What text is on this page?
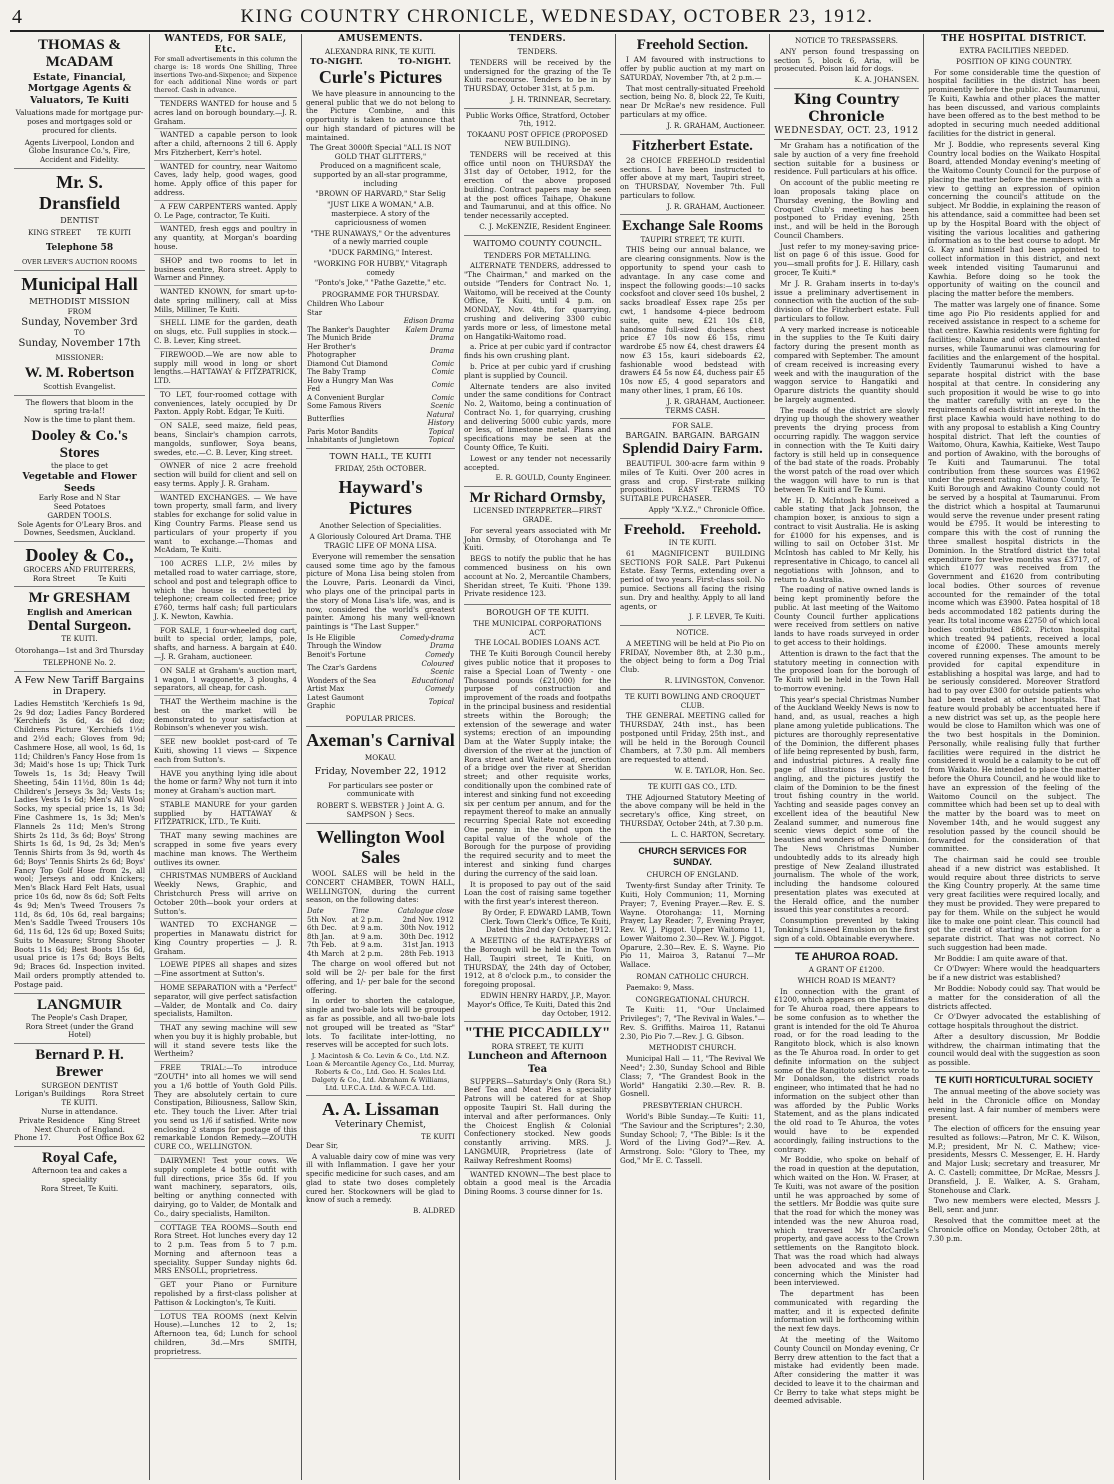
4	KING COUNTRY CHRONICLE, WEDNESDAY, OCTOBER 23, 1912.
THOMAS & McADAM
Estate, Financial,
Mortgage Agents &
Valuators, Te Kuiti
Valuations made for mortgage pur-poses and mortgages sold or procured for clients.
Agents Liverpool, London and Globe Insurance Co.'s, Fire, Accident and Fidelity.
Mr. S. Dransfield
DENTIST
KING STREET       TE KUITI
Telephone 58
OVER LEVER'S AUCTION ROOMS
Municipal Hall
METHODIST MISSION
FROM
Sunday, November 3rd
TO
Sunday, November 17th
MISSIONER:
W. M. Robertson
Scottish Evangelist.
The flowers that bloom in the spring tra-la!!
Now is the time to plant them.
Dooley & Co.'s Stores
the place to get
Vegetable and Flower Seeds
Early Rose and N Star
Seed Potatoes
GARDEN TOOLS.
Sole Agents for O'Leary Bros. and Downes, Seedsmen, Auckland.
Dooley & Co.,
GROCERS AND FRUITERERS,
Rora Street          Te Kuiti
Mr GRESHAM
English and American
Dental Surgeon.
TE KUITI.
Otorohanga—1st and 3rd Thursday
TELEPHONE No. 2.
A Few New Tariff Bargains in Drapery.
Ladies Hemstitch 'Kerchiefs 1s 9d, 2s 9d doz; Ladies Fancy Bordered 'Kerchiefs 3s 6d, 4s 6d doz; Childrens Picture 'Kerchiefs 1½d and 2½d each; Gloves from 9d; Cashmere Hose, all wool, 1s 6d, 1s 11d; Children's Fancy Hose from 1s 3d; Maid's hose 1s up; Thick Turk Towels 1s, 1s 3d; Heavy Twill Sheeting, 54in 11½d, 80in 1s 4d; Children's Jerseys 3s 3d; Vests 1s; Ladies Vests 1s 6d; Men's All Wool Socks, my special price 1s, 1s 3d; Fine Cashmere 1s, 1s 3d; Men's Flannels 2s 11d; Men's Strong Shirts 2s 11d, 3s 6d; Boys' Strong Shirts 1s 6d, 1s 9d, 2s 3d; Men's Tennis Shirts from 3s 9d, worth 4s 6d; Boys' Tennis Shirts 2s 6d; Boys' Fancy Top Golf Hose from 2s, all wool; Jerseys and odd Knickers; Men's Black Hard Felt Hats, usual price 10s 6d, now 8s 6d; Soft Felts 4s 9d; Men's Tweed Trousers 7s 11d, 8s 6d, 10s 6d, real bargains; Men's Saddle Tweed Trousers 10s 6d, 11s 6d, 12s 6d up; Boxed Suits; Suits to Measure; Strong Shooter Boots 11s 6d; Best Boots 15s 6d, usual price is 17s 6d; Boys Belts 9d; Braces 6d. Inspection invited. Mail orders promptly attended to. Postage paid.
LANGMUIR
The People's Cash Draper,
Rora Street (under the Grand Hotel)
Bernard P. H. Brewer
SURGEON DENTIST
Lorigan's Buildings       Rora Street
TE KUITI.
Nurse in attendance.
Private Residence      King Street
Next Church of England.
Phone 17.            Post Office Box 62
Royal Cafe,
Afternoon tea and cakes a speciality
Rora Street, Te Kuiti.
WANTEDS, FOR SALE, Etc.
For small advertisements in this column the charge is: 18 words One Shilling, Three insertions Two-and-Sixpence; and Sixpence for each additional Nine words or part thereof. Cash in advance.
TENDERS WANTED for house and 5 acres land on borough boundary.—J. R. Graham.
WANTED a capable person to look after a child, afternoons 2 till 6. Apply Mrs Fitzherbert, Kerr's hotel.
WANTED for country, near Waitomo Caves, lady help, good wages, good home. Apply office of this paper for address.
A FEW CARPENTERS wanted. Apply O. Le Page, contractor, Te Kuiti.
WANTED, fresh eggs and poultry in any quantity, at Morgan's boarding house.
SHOP and two rooms to let in business centre, Rora street. Apply to Warner and Pinney.
WANTED KNOWN, for smart up-to-date spring millinery, call at Miss Mills, Milliner, Te Kuiti.
SHELL LIME for the garden, death on slugs, etc. Full supplies in stock.—C. B. Lever, King street.
FIREWOOD.—We are now able to supply mill wood in long or short lengths.—HATTAWAY & FITZPATRICK, LTD.
TO LET, four-roomed cottage with conveniences, lately occupied by Dr Paxton. Apply Robt. Edgar, Te Kuiti.
ON SALE, seed maize, field peas, beans, Sinclair's champion carrots, mangolds, sunflower, Soya beans, swedes, etc.—C. B. Lever, King street.
OWNER of nice 2 acre freehold section will build for client and sell on easy terms. Apply J. R. Graham.
WANTED EXCHANGES. — We have town property, small farm, and livery stables for exchange for solid value in King Country Farms. Please send us particulars of your property if you want to exchange.—Thomas and McAdam, Te Kuiti.
100 ACRES L.I.P., 2½ miles by metalled road to water carriage, store, school and post and telegraph office to which the house is connected by telephone; cream collected free; price £760, terms half cash; full particulars J. K. Newton, Kawhia.
FOR SALE, 1 four-wheeled dog cart, built to special order, lamps, pole, shafts, and harness. A bargain at £40.—J. R. Graham, auctioneer.
ON SALE at Graham's auction mart, 1 wagon, 1 waggonette, 3 ploughs, 4 separators, all cheap, for cash.
THAT the Wertheim machine is the best on the market will be demonstrated to your satisfaction at Robinson's whenever you wish.
SEE new booklet post-card of Te Kuiti, showing 11 views — Sixpence each from Sutton's.
HAVE you anything lying idle about the home or farm? Why not turn it into money at Graham's auction mart.
STABLE MANURE for your garden supplied by HATTAWAY & FITZPATRICK, LTD., Te Kuiti.
THAT many sewing machines are scrapped in some five years every machine man knows. The Wertheim outlives its owner.
CHRISTMAS NUMBERS of Auckland Weekly News, Graphic, and Christchurch Press will arrive on October 20th—book your orders at Sutton's.
WANTED TO EXCHANGE — properties in Manawatu district for King Country properties — J. R. Graham.
LOEWE PIPES all shapes and sizes —Fine assortment at Sutton's.
HOME SEPARATION with a "Perfect" separator, will give perfect satisfaction—Valder, de Montalk and Co. dairy specialists, Hamilton.
THAT any sewing machine will sew when you buy it is highly probable, but will it stand severe tests like the Wertheim?
FREE TRIAL:—To introduce "ZOUTH" into all homes we will send you a 1/6 bottle of Youth Gold Pills. They are absolutely certain to cure Constipation, Biliousness, Sallow Skin, etc. They touch the Liver. After trial you send us 1/6 if satisfied. Write now enclosing 2 stamps for postage of this remarkable London Remedy.—ZOUTH CURE CO., WELLINGTON.
DAIRYMEN! Test your cows. We supply complete 4 bottle outfit with full directions, price 35s 6d. If you want machinery, separators, oils, belting or anything connected with dairying, go to Valder, de Montalk and Co., dairy specialists, Hamilton.
COTTAGE TEA ROOMS—South end Rora Street. Hot lunches every day 12 to 2 p.m. Teas from 5 to 7 p.m. Morning and afternoon teas a speciality. Supper Sunday nights 6d. MRS ENSOLL, proprietress.
GET your Piano or Furniture repolished by a first-class polisher at Pattison & Lockington's, Te Kuiti.
LOTUS TEA ROOMS (next Kelvin House).—Lunches 12 to 2, 1s; Afternoon tea, 6d; Lunch for school children, 3d.—Mrs SMITH, proprietress.
AMUSEMENTS.
ALEXANDRA RINK, TE KUITI.
TO-NIGHT.            TO-NIGHT.
Curle's Pictures
We have pleasure in announcing to the general public that we do not belong to the Picture Combine, and this opportunity is taken to announce that our high standard of pictures will be maintained.
The Great 3000ft Special "ALL IS NOT GOLD THAT GLITTERS,"
Produced on a magnificent scale, supported by an all-star programme, including
"BROWN OF HARVARD," Star Selig
"JUST LIKE A WOMAN," A.B. masterpiece. A story of the capriciousness of women
"THE RUNAWAYS," Or the adventures of a newly married couple
"DUCK FARMING," Interest.
"WORKING FOR HUBBY," Vitagraph comedy
"Ponto's Joke," "Pathe Gazette," etc.
PROGRAMME FOR THURSDAY.
Children Who Labour Star	
	Edison Drama
The Banker's Daughter	Kalem Drama
The Munich Bride	Drama
Her Brother's Photographer	Drama
Diamond Cut Diamond	Comic
The Baby Tramp	Comic
How a Hungry Man Was Fed	Comic
A Convenient Burglar	Comic
Some Famous Rivers	Scenic
Butterflies	Natural History
Paris Motor Bandits	Topical
Inhabitants of Jungletown	Topical
TOWN HALL, TE KUITI
FRIDAY, 25th OCTOBER.
Hayward's Pictures
Another Selection of Specialities.
A Gloriously Coloured Art Drama. THE TRAGIC LIFE OF MONA LISA.
Everyone will remember the sensation caused some time ago by the famous picture of Mona Lisa being stolen from the Louvre, Paris. Leonardi da Vinci, who plays one of the principal parts in the story of Mona Lisa's life, was, and is now, considered the world's greatest painter. Among his many well-known paintings is "The Last Supper."
Is He Eligible	Comedy-drama
Through the Window	Drama
Benoit's Fortune	Comedy
The Czar's Gardens	Coloured Scenic
Wonders of the Sea	Educational
Artist Max	Comedy
Latest Gaumont Graphic	Topical
POPULAR PRICES.
Axeman's Carnival
MOKAU.
Friday, November 22, 1912
For particulars see poster or communicate with
ROBERT S. WEBSTER } Joint A. G. SAMPSON } Secs.
Wellington Wool Sales
WOOL SALES will be held in the CONCERT CHAMBER, TOWN HALL, WELLINGTON, during the current season, on the following dates:
Date	Time	Catalogue close
5th Nov.	at 2 p.m.	2nd Nov. 1912
6th Dec.	at 9 a.m.	30th Nov. 1912
8th Jan.	at 9 a.m.	30th Dec. 1912
7th Feb.	at 9 a.m.	31st Jan. 1913
4th March	at 2 p.m.	28th Feb. 1913
The charge on wool offered but not sold will be 2/- per bale for the first offering, and 1/- per bale for the second offering.
In order to shorten the catalogue, single and two-bale lots will be grouped as far as possible, and all two-bale lots not grouped will be treated as "Star" lots. To facilitate inter-lotting, no reserves will be accepted for such lots.
J. Macintosh & Co. Levin & Co., Ltd. N.Z. Loan & Mercantile Agency Co., Ltd. Murray, Roberts & Co., Ltd. Geo. H. Scales Ltd. Dalgety & Co., Ltd. Abraham & Williams, Ltd. U.F.C.A. Ltd. & W.F.C.A. Ltd.
A. A. Lissaman
Veterinary Chemist,
TE KUITI
Dear Sir,
A valuable dairy cow of mine was very ill with Inflammation. I gave her your specific medicine for such cases, and am glad to state two doses completely cured her. Stockowners will be glad to know of such a remedy.
B. ALDRED
TENDERS.
TENDERS.
TENDERS will be received by the undersigned for the grazing of the Te Kuiti racecourse. Tenders to be in by THURSDAY, October 31st, at 5 p.m.
J. H. TRINNEAR, Secretary.
Public Works Office, Stratford, October 7th, 1912.
TOKAANU POST OFFICE (PROPOSED NEW BUILDING).
TENDERS will be received at this office until noon on THURSDAY the 31st day of October, 1912, for the erection of the above proposed building. Contract papers may be seen at the post offices Taihape, Ohakune and Taumarunui, and at this office. No tender necessarily accepted.
C. J. McKENZIE, Resident Engineer.
WAITOMO COUNTY COUNCIL.
TENDERS FOR METALLING.
ALTERNATE TENDERS, addressed to "The Chairman," and marked on the outside "Tenders for Contract No. 1, Waitomo, will be received at the County Office, Te Kuiti, until 4 p.m. on MONDAY, Nov. 4th, for quarrying, crushing and delivering 3300 cubic yards more or less, of limestone metal on Hangatiki-Waitomo road.
a. Price at per cubic yard if contractor finds his own crushing plant.
b. Price at per cubic yard if crushing plant is supplied by Council.
Alternate tenders are also invited under the same conditions for Contract No. 2, Waitomo, being a continuation of Contract No. 1, for quarrying, crushing and delivering 5000 cubic yards, more or less, of limestone metal. Plans and specifications may be seen at the County Office, Te Kuiti.
Lowest or any tender not necessarily accepted.
E. R. GOULD, County Engineer.
Mr Richard Ormsby,
LICENSED INTERPRETER—FIRST GRADE.
For several years associated with Mr John Ormsby, of Otorohanga and Te Kuiti.
BEGS to notify the public that he has commenced business on his own account at No. 2, Mercantile Chambers, Sheridan street, Te Kuiti. 'Phone 139. Private residence 123.
BOROUGH OF TE KUITI.
THE MUNICIPAL CORPORATIONS ACT.
THE LOCAL BODIES LOANS ACT.
THE Te Kuiti Borough Council hereby gives public notice that it proposes to raise a Special Loan of Twenty - one Thousand pounds (£21,000) for the purpose of construction and improvement of the roads and footpaths in the principal business and residential streets within the Borough; the extension of the sewerage and water systems; erection of an impounding Dam at the Water Supply intake; the diversion of the river at the junction of Rora street and Waitete road, erection of a bridge over the river at Sheridan street; and other requisite works, conditionally upon the combined rate of interest and sinking fund not exceeding six per centum per annum, and for the repayment thereof to make an annually recurring Special Rate not exceeding One penny in the Pound upon the capital value of the whole of the Borough for the purpose of providing the required security and to meet the interest and sinking fund charges during the currency of the said loan.
It is proposed to pay out of the said Loan the cost of raising same together with the first year's interest thereon.
By Order, F. EDWARD LAMB, Town Clerk. Town Clerk's Office, Te Kuiti, Dated this 2nd day October, 1912.
A MEETING of the RATEPAYERS of the Borough will be held in the Town Hall, Taupiri street, Te Kuiti, on THURSDAY, the 24th day of October, 1912, at 8 o'clock p.m., to consider the foregoing proposal.
EDWIN HENRY HARDY, J.P., Mayor. Mayor's Office, Te Kuiti, Dated this 2nd day October, 1912.
"THE PICCADILLY"
RORA STREET, TE KUITI
Luncheon and Afternoon Tea
SUPPERS—Saturday's Only (Rora St.) Beef Tea and Meat Pies a speciality Patrons will be catered for at Shop opposite Taupiri St. Hall during the interval and after performances. Only the Choicest English & Colonial Confectionery stocked. New goods constantly arriving. MRS. J. LANGMUIR, Proprietress (late of Railway Refreshment Rooms)
WANTED KNOWN—The best place to obtain a good meal is the Arcadia Dining Rooms. 3 course dinner for 1s.
Freehold Section.
I AM favoured with instructions to offer by public auction at my mart on SATURDAY, November 7th, at 2 p.m.—
That most centrally-situated Freehold section, being No. 8, block 22, Te Kuiti, near Dr McRae's new residence. Full particulars at my office.
J. R. GRAHAM, Auctioneer.
Fitzherbert Estate.
28 CHOICE FREEHOLD residential sections. I have been instructed to offer above at my mart, Taupiri street, on THURSDAY, November 7th. Full particulars to follow.
J. R. GRAHAM, Auctioneer.
Exchange Sale Rooms
TAUPIRI STREET, TE KUITI.
THIS being our annual balance, we are clearing consignments. Now is the opportunity to spend your cash to advantage. In any case come and inspect the following goods:—10 sacks cocksfoot and clover seed 10s bushel, 2 sacks broadleaf Essex rape 25s per cwt, 1 handsome 4-piece bedroom suite, quite new, £21 10s £18, handsome full-sized duchess chest price £7 10s now £6 15s, rimu wardrobe £5 now £4, chest drawers £4 now £3 15s, kauri sideboards £2, fashionable wood bedstead with drawers £4 5s now £4, duchess pair £5 10s now £5, 4 good separators and many other lines, 1 pram, £6 10s.
J. R. GRAHAM, Auctioneer.
TERMS CASH.
FOR SALE.
BARGAIN.  BARGAIN.  BARGAIN
Splendid Dairy Farm.
BEAUTIFUL 300-acre farm within 9 miles of Te Kuiti. Over 200 acres in grass and crop. First-rate milking proposition. EASY TERMS TO SUITABLE PURCHASER.
Apply "X.Y.Z.," Chronicle Office.
Freehold.    Freehold.
IN TE KUITI.
61 MAGNIFICENT BUILDING SECTIONS FOR SALE. Part Pukenui Estate. Easy Terms, extending over a period of two years. First-class soil. No pumice. Sections all facing the rising sun. Dry and healthy. Apply to all land agents, or
J. F. LEVER, Te Kuiti.
NOTICE.
A MEETING will be held at Pio Pio on FRIDAY, November 8th, at 2.30 p.m., the object being to form a Dog Trial Club.
R. LIVINGSTON, Convenor.
TE KUITI BOWLING AND CROQUET CLUB.
THE GENERAL MEETING called for THURSDAY, 24th inst., has been postponed until Friday, 25th inst., and will be held in the Borough Council Chambers, at 7.30 p.m. All members are requested to attend.
W. E. TAYLOR, Hon. Sec.
TE KUITI GAS CO., LTD.
THE Adjourned Statutory Meeting of the above company will be held in the secretary's office, King street, on THURSDAY, October 24th, at 7.30 p.m.
L. C. HARTON, Secretary.
CHURCH SERVICES FOR SUNDAY.
CHURCH OF ENGLAND.
Twenty-first Sunday after Trinity. Te Kuiti, Holy Communion; 11, Morning Prayer; 7, Evening Prayer.—Rev. E. S. Wayne. Otorohanga: 11, Morning Prayer, Lay Reader; 7, Evening Prayer, Rev. W. J. Piggot. Upper Waitomo 11, Lower Waitomo 2.30—Rev. W. J. Piggot. Oparure, 2.30—Rev. E. S. Wayne. Pio Pio 11, Mairoa 3, Ratanui 7—Mr Wallace.
ROMAN CATHOLIC CHURCH.
Paemako: 9, Mass.
CONGREGATIONAL CHURCH.
Te Kuiti: 11, "Our Unclaimed Privileges"; 7, "The Revival in Wales."—Rev. S. Griffiths. Mairoa 11, Ratanui 2.30, Pio Pio 7.—Rev. J. G. Gibson.
METHODIST CHURCH.
Municipal Hall — 11, "The Revival We Need"; 2.30, Sunday School and Bible Class; 7, "The Grandest Book in the World" Hangatiki 2.30.—Rev. R. B. Gosnell.
PRESBYTERIAN CHURCH.
World's Bible Sunday.—Te Kuiti: 11, "The Saviour and the Scriptures"; 2.30, Sunday School; 7, "The Bible: Is it the Word of the Living God?"—Rev. A. Armstrong. Solo: "Glory to Thee, my God," Mr E. C. Tassell.
NOTICE TO TRESPASSERS.
ANY person found trespassing on section 5, block 6, Aria, will be prosecuted. Poison laid for dogs.
K. A. JOHANSEN.
King Country Chronicle
WEDNESDAY, OCT. 23, 1912
Mr Graham has a notification of the sale by auction of a very fine freehold section suitable for a business or residence. Full particulars at his office.
On account of the public meeting re loan proposals taking place on Thursday evening, the Bowling and Croquet Club's meeting has been postponed to Friday evening, 25th inst., and will be held in the Borough Council Chambers.
Just refer to my money-saving price-list on page 6 of this issue. Good for you—small profits for J. E. Hillary, cash grocer, Te Kuiti.*
Mr J. R. Graham inserts in to-day's issue a preliminary advertisement in connection with the auction of the sub-division of the Fitzherbert estate. Full particulars to follow.
A very marked increase is noticeable in the supplies to the Te Kuiti dairy factory during the present month as compared with September. The amount of cream received is increasing every week and with the inauguration of the waggon service to Hangatiki and Oparure districts the quantity should be largely augmented.
The roads of the district are slowly drying up though the showery weather prevents the drying process from occurring rapidly. The waggon service in connection with the Te Kuiti dairy factory is still held up in consequence of the bad state of the roads. Probably the worst patch of the road over which the waggon will have to run is that between Te Kuiti and Te Kumi.
Mr H. D. McIntosh has received a cable stating that Jack Johnson, the champion boxer, is anxious to sign a contract to visit Australia. He is asking for £1000 for his expenses, and is willing to sail on October 31st. Mr McIntosh has cabled to Mr Kelly, his representative in Chicago, to cancel all negotiations with Johnson, and to return to Australia.
The roading of native owned lands is being kept prominently before the public. At last meeting of the Waitomo County Council further applications were received from settlers on native lands to have roads surveyed in order to get access to their holdings.
Attention is drawn to the fact that the statutory meeting in connection with the proposed loan for the borough of Te Kuiti will be held in the Town Hall to-morrow evening.
This year's special Christmas Number of the Auckland Weekly News is now to hand, and, as usual, reaches a high plane among yuletide publications. The pictures are thoroughly representative of the Dominion, the different phases of life being represented by bush, farm, and industrial pictures. A really fine page of illustrations is devoted to angling, and the pictures justify the claim of the Dominion to be the finest trout fishing country in the world. Yachting and seaside pages convey an excellent idea of the beautiful New Zealand summer, and numerous fine scenic views depict some of the beauties and wonders of the Dominion. The News Christmas Number undoubtedly adds to its already high prestige of New Zealand illustrated journalism. The whole of the work, including the handsome coloured presentation plates was executed at the Herald office, and the number issued this year constitutes a record.
Consumption prevented by taking Tonking's Linseed Emulsion on the first sign of a cold. Obtainable everywhere.
TE AHUROA ROAD.
A GRANT OF £1200.
WHICH ROAD IS MEANT?
In connection with the grant of £1200, which appears on the Estimates for Te Ahuroa road, there appears to be some confusion as to whether the grant is intended for the old Te Ahuroa road, or for the road leading to the Rangitoto block, which is also known as the Te Ahuroa road. In order to get definite information on the subject some of the Rangitoto settlers wrote to Mr Donaldson, the district roads engineer, who intimated that he had no information on the subject other than was afforded by the Public Works Statement, and as the plans indicated the old road to Te Ahuroa, the votes would have to be expended accordingly, failing instructions to the contrary.
Mr Boddie, who spoke on behalf of the road in question at the deputation, which waited on the Hon. W. Fraser, at Te Kuiti, was not aware of the position until he was approached by some of the settlers. Mr Boddie was quite sure that the road for which the money was intended was the new Ahuroa road, which traversed Mr McCardle's property, and gave access to the Crown settlements on the Rangitoto block. That was the road which had always been advocated and was the road concerning which the Minister had been interviewed.
The department has been communicated with regarding the matter, and it is expected definite information will be forthcoming within the next few days.
At the meeting of the Waitomo County Council on Monday evening, Cr Berry drew attention to the fact that a mistake had evidently been made. After considering the matter it was decided to leave it to the chairman and Cr Berry to take what steps might be deemed advisable.
THE HOSPITAL DISTRICT.
EXTRA FACILITIES NEEDED.
POSITION OF KING COUNTRY.
For some considerable time the question of hospital facilities in the district has been prominently before the public. At Taumarunui, Te Kuiti, Kawhia and other places the matter has been discussed, and various complaints have been offered as to the best method to be adopted in securing much needed additional facilities for the district in general.
Mr J. Boddie, who represents several King Country local bodies on the Waikato Hospital Board, attended Monday evening's meeting of the Waitomo County Council for the purpose of placing the matter before the members with a view to getting an expression of opinion concerning the council's attitude on the subject. Mr Boddie, in explaining the reason of his attendance, said a committee had been set up by the Hospital Board with the object of visiting the various localities and gathering information as to the best course to adopt. Mr G. Kay and himself had been appointed to collect information in this district, and next week intended visiting Taumarunui and Kawhia. Before doing so he took the opportunity of waiting on the council and placing the matter before the members.
The matter was largely one of finance. Some time ago Pio Pio residents applied for and received assistance in respect to a scheme for that centre. Kawhia residents were fighting for facilities; Ohakune and other centres wanted nurses, while Taumarunui was clamouring for facilities and the enlargement of the hospital. Evidently Taumarunui wished to have a separate hospital district with the base hospital at that centre. In considering any such proposition it would be wise to go into the matter carefully with an eye to the requirements of each district interested. In the first place Kawhia would have nothing to do with any proposal to establish a King Country hospital district. That left the counties of Waitomo, Ohura, Kawhia, Kaitieke, West Taupo and portion of Awakino, with the boroughs of Te Kuiti and Taumarunui. The total contribution from these sources was £1962 under the present rating. Waitomo County, Te Kuiti Borough and Awakino County could not be served by a hospital at Taumarunui. From the district which a hospital at Taumarunui would serve the revenue under present rating would be £795. It would be interesting to compare this with the cost of running the three smallest hospital districts in the Dominion. In the Stratford district the total expenditure for twelve months was £3717, of which £1077 was received from the Government and £1620 from contributing local bodies. Other sources of revenue accounted for the remainder of the total income which was £3900. Patea hospital of 18 beds accommodated 182 patients during the year. Its total income was £2750 of which local bodies contributed £862. Picton hospital which treated 94 patients, received a local income of £2000. These amounts merely covered running expenses. The amount to be provided for capital expenditure in establishing a hospital was large, and had to be seriously considered. Moreover Stratford had to pay over £300 for outside patients who had been treated at other hospitals. That feature would probably be accentuated here if a new district was set up, as the people here would be close to Hamilton which was one of the two best hospitals in the Dominion. Personally, while realising fully that further facilities were required in the district he considered it would be a calamity to be cut off from Waikato. He intended to place the matter before the Ohura Council, and he would like to have an expression of the feeling of the Waitomo Council on the subject. The committee which had been set up to deal with the matter by the board was to meet on November 14th, and he would suggest any resolution passed by the council should be forwarded for the consideration of that committee.
The chairman said he could see trouble ahead if a new district was established. It would require about three districts to serve the King Country properly. At the same time very great facilities were required locally, and they must be provided. They were prepared to pay for them. While on the subject he would like to make one point clear. This council had got the credit of starting the agitation for a separate district. That was not correct. No such suggestion had been made.
Mr Boddie: I am quite aware of that.
Cr O'Dwyer: Where would the headquarters be if a new district was established?
Mr Boddie: Nobody could say. That would be a matter for the consideration of all the districts affected.
Cr O'Dwyer advocated the establishing of cottage hospitals throughout the district.
After a desultory discussion, Mr Boddie withdrew, the chairman intimating that the council would deal with the suggestion as soon as possible.
TE KUITI HORTICULTURAL SOCIETY
The annual meeting of the above society was held in the Chronicle office on Monday evening last. A fair number of members were present.
The election of officers for the ensuing year resulted as follows:—Patron, Mr C. K. Wilson, M.P.; president, Mr N. C. Mathew; vice-presidents, Messrs C. Messenger, E. H. Hardy and Major Lusk; secretary and treasurer, Mr A. C. Castell; committee, Dr McRae, Messrs J. Dransfield, J. E. Walker, A. S. Graham, Stonehouse and Clark.
Two new members were elected, Messrs J. Bell, senr. and junr.
Resolved that the committee meet at the Chronicle office on Monday, October 28th, at 7.30 p.m.
